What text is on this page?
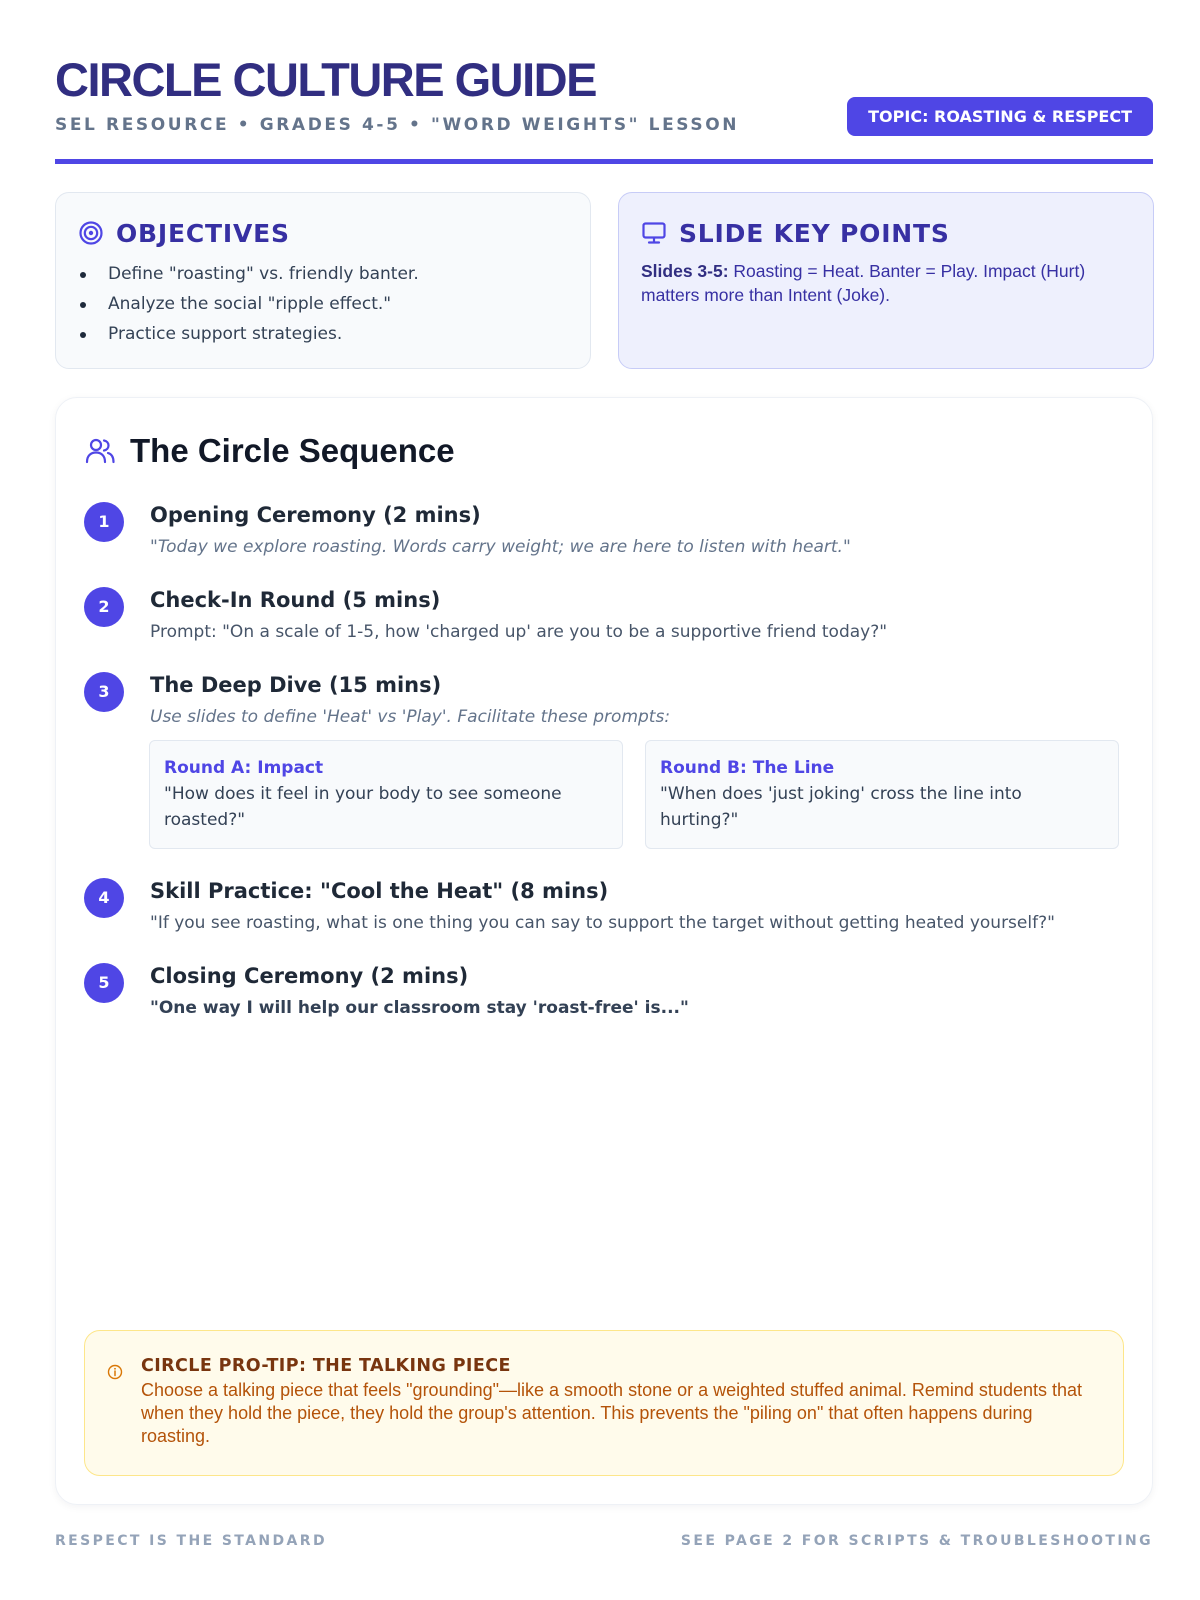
CIRCLE CULTURE GUIDE
SEL RESOURCE • GRADES 4-5 • "WORD WEIGHTS" LESSON	TOPIC: ROASTING & RESPECT
OBJECTIVES
Define "roasting" vs. friendly banter.
Analyze the social "ripple effect."
Practice support strategies.
SLIDE KEY POINTS

Slides 3-5: Roasting = Heat. Banter = Play. Impact (Hurt) matters more than Intent (Joke).

The Circle Sequence
1	Opening Ceremony (2 mins)
"Today we explore roasting. Words carry weight; we are here to listen with heart."
2	Check-In Round (5 mins)
Prompt: "On a scale of 1-5, how 'charged up' are you to be a supportive friend today?"
3	The Deep Dive (15 mins)
Use slides to define 'Heat' vs 'Play'. Facilitate these prompts:
Round A: Impact
"How does it feel in your body to see someone roasted?"
Round B: The Line
"When does 'just joking' cross the line into hurting?"
4	Skill Practice: "Cool the Heat" (8 mins)
"If you see roasting, what is one thing you can say to support the target without getting heated yourself?"
5	Closing Ceremony (2 mins)
"One way I will help our classroom stay 'roast-free' is..."
CIRCLE PRO-TIP: THE TALKING PIECE

Choose a talking piece that feels "grounding"—like a smooth stone or a weighted stuffed animal. Remind students that when they hold the piece, they hold the group's attention. This prevents the "piling on" that often happens during roasting.

RESPECT IS THE STANDARD	SEE PAGE 2 FOR SCRIPTS & TROUBLESHOOTING
